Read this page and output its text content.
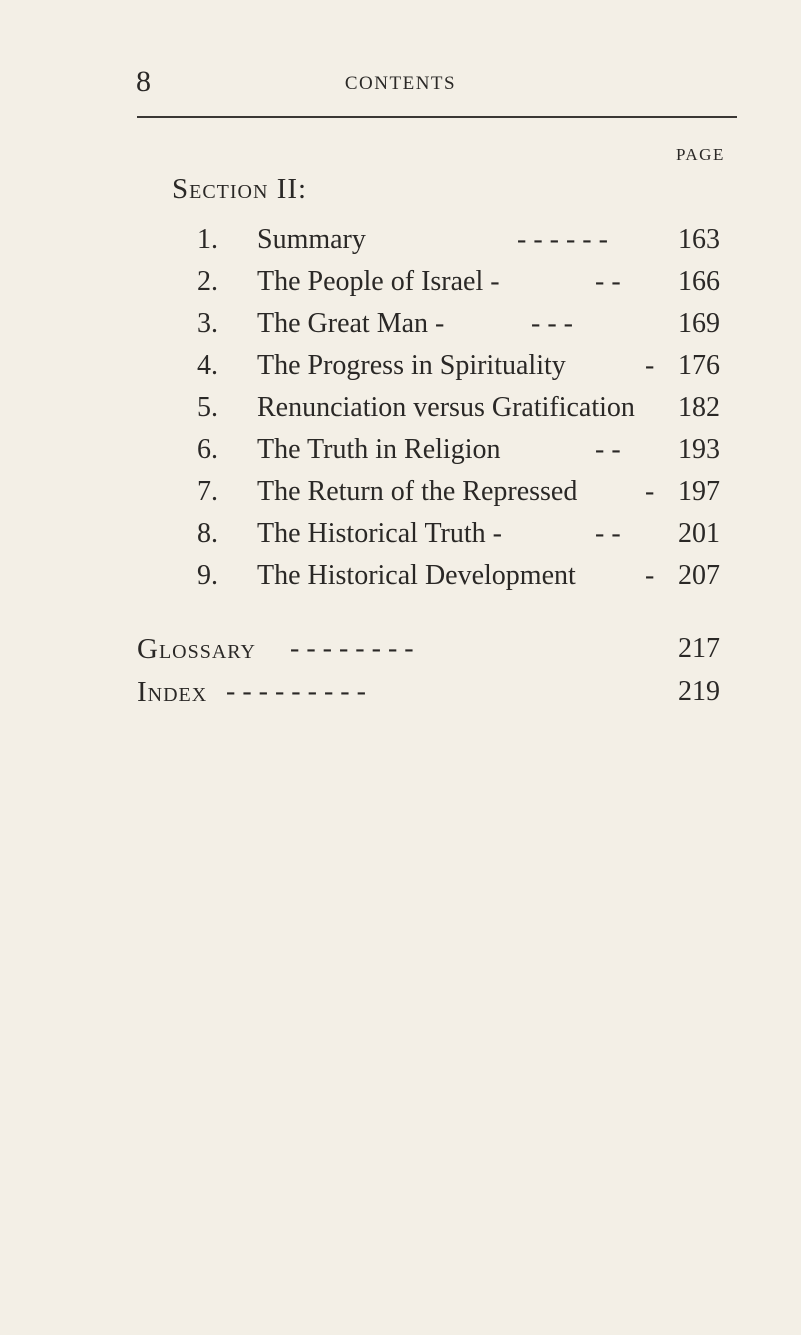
8	CONTENTS
PAGE
Section II:
1. Summary	- - - - - -	163
2. The People of Israel -	- - 166
3. The Great Man -	- - -	169
4. The Progress in Spirituality	- 176
5. Renunciation versus Gratification 182
6. The Truth in Religion	- - 193
7. The Return of the Repressed - 197
8. The Historical Truth -	- - 201
9. The Historical Development - 207
Glossary - - - - - - - -	217
Index - - - - - - - - -	219
